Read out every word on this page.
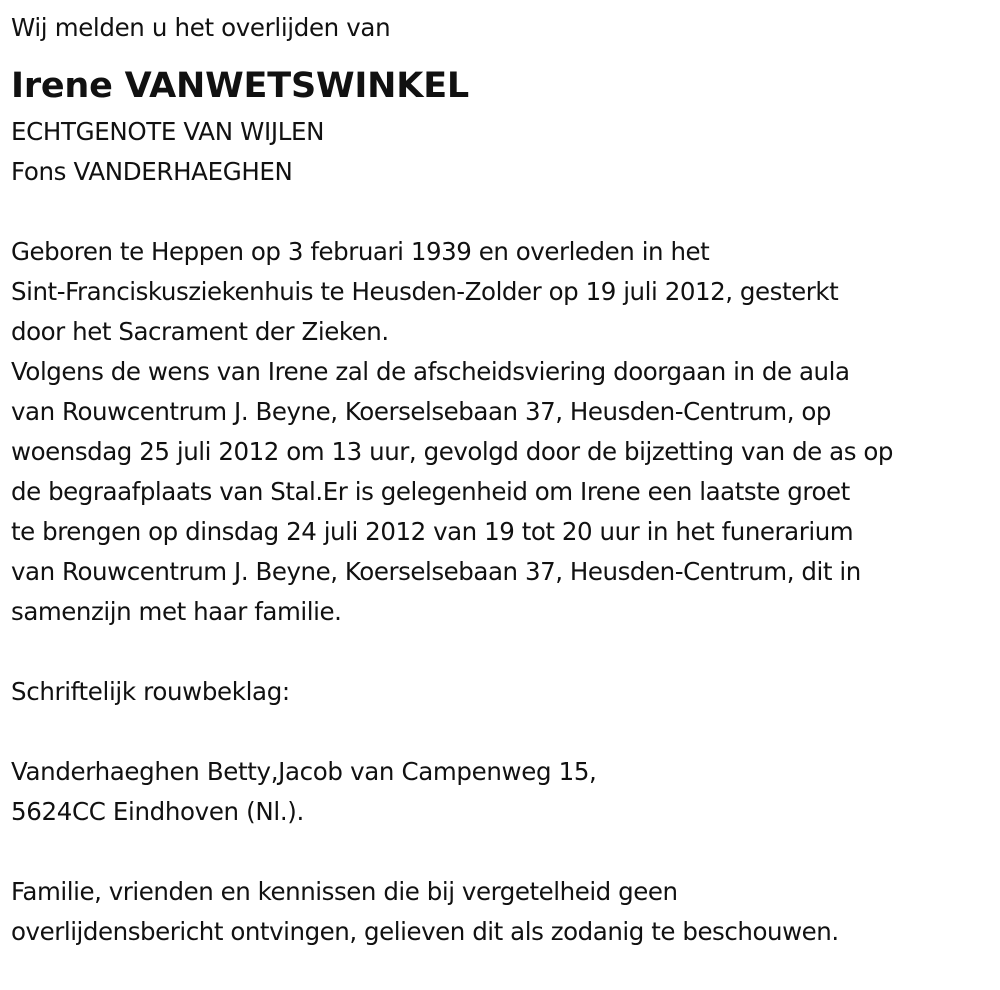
Wij melden u het overlijden van
Irene VANWETSWINKEL
ECHTGENOTE VAN WIJLEN
Fons VANDERHAEGHEN
Geboren te Heppen op 3 februari 1939 en overleden in het
Sint-Franciskusziekenhuis te Heusden-Zolder op 19 juli 2012, gesterkt
door het Sacrament der Zieken.
Volgens de wens van Irene zal de afscheidsviering doorgaan in de aula
van Rouwcentrum J. Beyne, Koerselsebaan 37, Heusden-Centrum, op
woensdag 25 juli 2012 om 13 uur, gevolgd door de bijzetting van de as op
de begraafplaats van Stal.Er is gelegenheid om Irene een laatste groet
te brengen op dinsdag 24 juli 2012 van 19 tot 20 uur in het funerarium
van Rouwcentrum J. Beyne, Koerselsebaan 37, Heusden-Centrum, dit in
samenzijn met haar familie.
Schriftelijk rouwbeklag:
Vanderhaeghen Betty,Jacob van Campenweg 15,
5624CC Eindhoven (Nl.).
Familie, vrienden en kennissen die bij vergetelheid geen
overlijdensbericht ontvingen, gelieven dit als zodanig te beschouwen.
